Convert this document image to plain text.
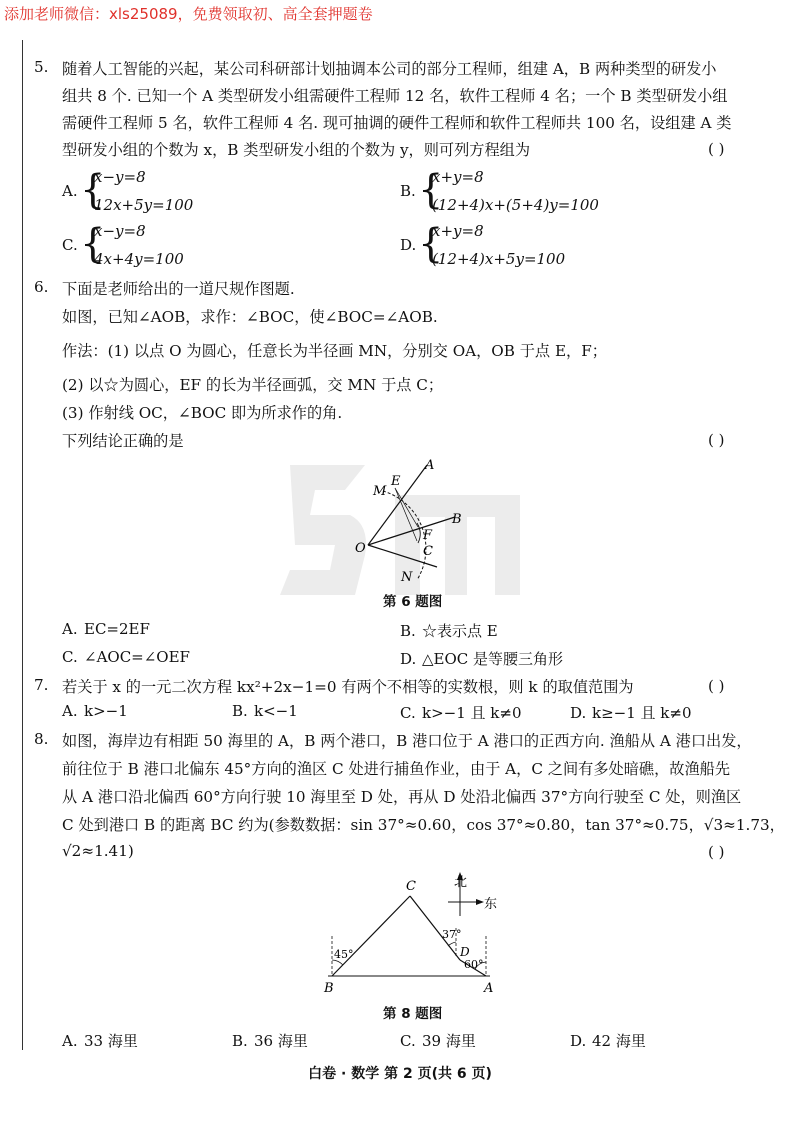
添加老师微信：xls25089，免费领取初、高全套押题卷
5. 随着人工智能的兴起，某公司科研部计划抽调本公司的部分工程师，组建 A，B 两种类型的研发小
组共 8 个. 已知一个 A 类型研发小组需硬件工程师 12 名，软件工程师 4 名；一个 B 类型研发小组
需硬件工程师 5 名，软件工程师 4 名. 现可抽调的硬件工程师和软件工程师共 100 名，设组建 A 类
型研发小组的个数为 x，B 类型研发小组的个数为 y，则可列方程组为	( )
A. {
x−y=8
12x+5y=100
B. {
x+y=8
(12+4)x+(5+4)y=100
C. {
x−y=8
4x+4y=100
D. {
x+y=8
(12+4)x+5y=100
6. 下面是老师给出的一道尺规作图题.
如图，已知∠AOB，求作：∠BOC，使∠BOC=∠AOB.
作法：(1) 以点 O 为圆心，任意长为半径画 MN，分别交 OA，OB 于点 E，F；
(2) 以☆为圆心，EF 的长为半径画弧，交 MN 于点 C；
(3) 作射线 OC，∠BOC 即为所求作的角.
下列结论正确的是	( )
A
M
E
B
O
F
C
N
第 6 题图
A. EC=2EF	B. ☆表示点 E
C. ∠AOC=∠OEF	D. △EOC 是等腰三角形
7. 若关于 x 的一元二次方程 kx²+2x−1=0 有两个不相等的实数根，则 k 的取值范围为	( )
A. k>−1	B. k<−1	C. k>−1 且 k≠0	D. k≥−1 且 k≠0
8. 如图，海岸边有相距 50 海里的 A，B 两个港口，B 港口位于 A 港口的正西方向. 渔船从 A 港口出发，
前往位于 B 港口北偏东 45°方向的渔区 C 处进行捕鱼作业，由于 A，C 之间有多处暗礁，故渔船先
从 A 港口沿北偏西 60°方向行驶 10 海里至 D 处，再从 D 处沿北偏西 37°方向行驶至 C 处，则渔区
C 处到港口 B 的距离 BC 约为(参数数据：sin 37°≈0.60，cos 37°≈0.80，tan 37°≈0.75，√3≈1.73，
√2≈1.41)	( )
北
东
C
B	A
D
45°
37°
60°
第 8 题图
A. 33 海里	B. 36 海里	C. 39 海里	D. 42 海里
白卷 · 数学 第 2 页(共 6 页)
